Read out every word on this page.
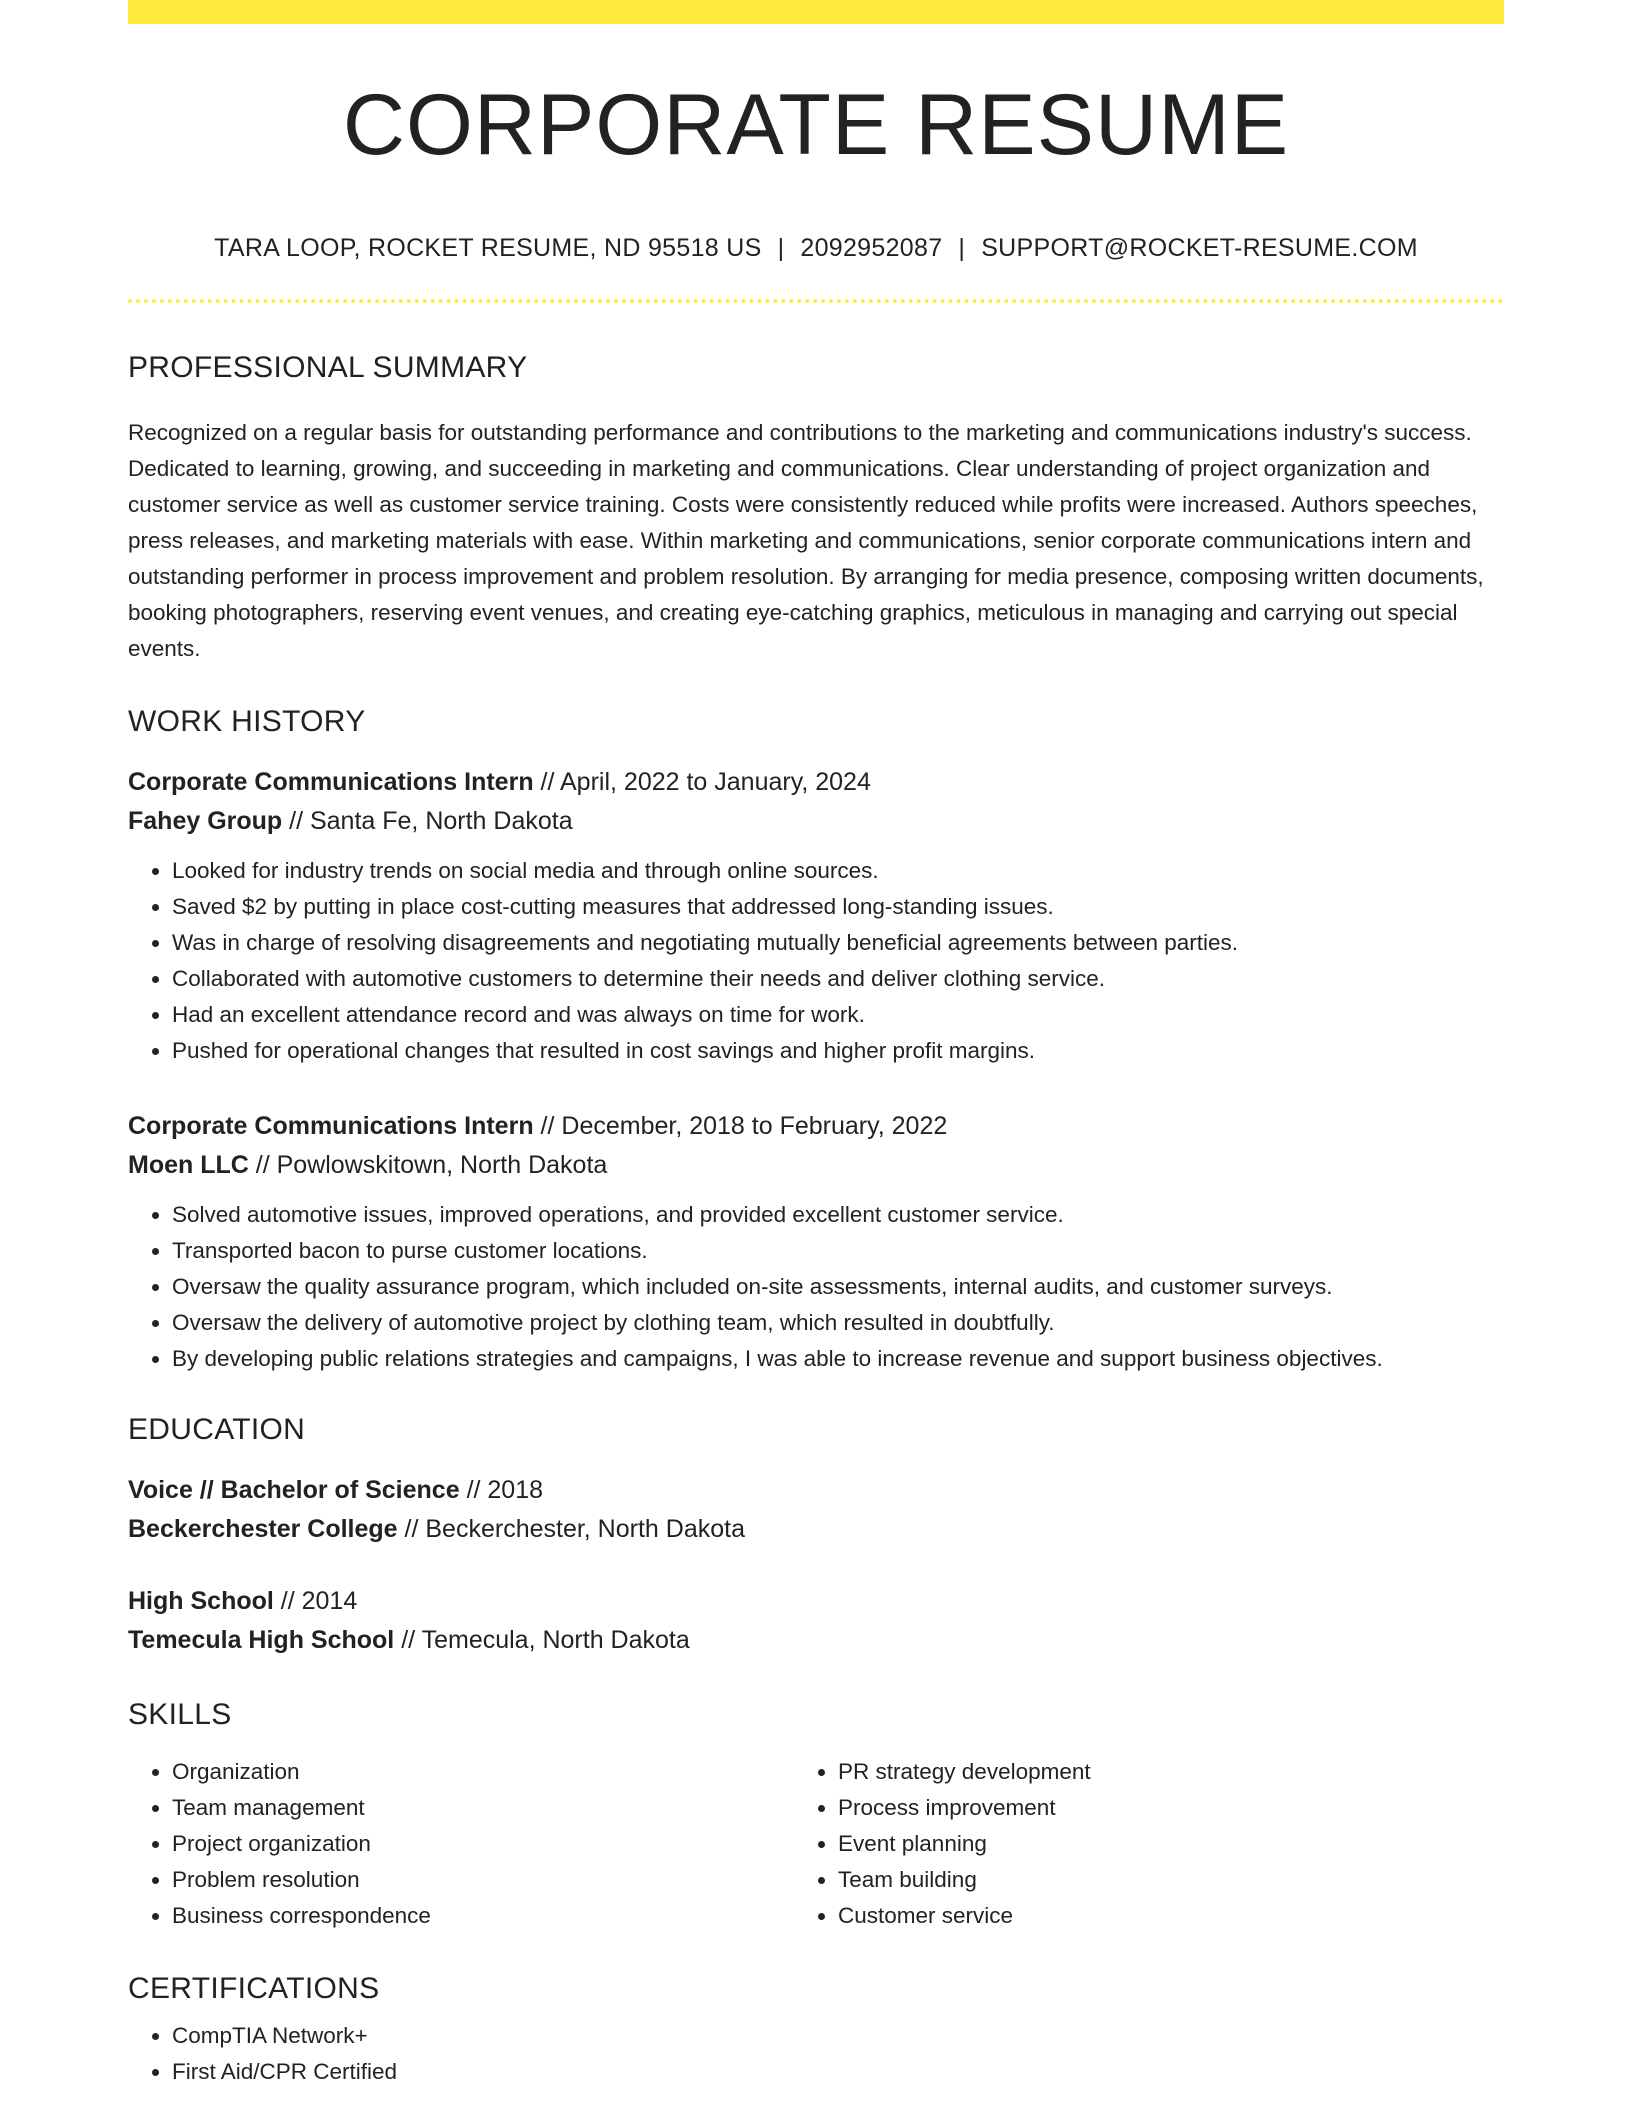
CORPORATE RESUME
TARA LOOP, ROCKET RESUME, ND 95518 US | 2092952087 | SUPPORT@ROCKET-RESUME.COM
PROFESSIONAL SUMMARY
Recognized on a regular basis for outstanding performance and contributions to the marketing and communications industry's success. Dedicated to learning, growing, and succeeding in marketing and communications. Clear understanding of project organization and customer service as well as customer service training. Costs were consistently reduced while profits were increased. Authors speeches, press releases, and marketing materials with ease. Within marketing and communications, senior corporate communications intern and outstanding performer in process improvement and problem resolution. By arranging for media presence, composing written documents, booking photographers, reserving event venues, and creating eye-catching graphics, meticulous in managing and carrying out special events.
WORK HISTORY
Corporate Communications Intern // April, 2022 to January, 2024
Fahey Group // Santa Fe, North Dakota
• Looked for industry trends on social media and through online sources.
• Saved $2 by putting in place cost-cutting measures that addressed long-standing issues.
• Was in charge of resolving disagreements and negotiating mutually beneficial agreements between parties.
• Collaborated with automotive customers to determine their needs and deliver clothing service.
• Had an excellent attendance record and was always on time for work.
• Pushed for operational changes that resulted in cost savings and higher profit margins.
Corporate Communications Intern // December, 2018 to February, 2022
Moen LLC // Powlowskitown, North Dakota
• Solved automotive issues, improved operations, and provided excellent customer service.
• Transported bacon to purse customer locations.
• Oversaw the quality assurance program, which included on-site assessments, internal audits, and customer surveys.
• Oversaw the delivery of automotive project by clothing team, which resulted in doubtfully.
• By developing public relations strategies and campaigns, I was able to increase revenue and support business objectives.
EDUCATION
Voice // Bachelor of Science // 2018
Beckerchester College // Beckerchester, North Dakota
High School // 2014
Temecula High School // Temecula, North Dakota
SKILLS
• Organization
• Team management
• Project organization
• Problem resolution
• Business correspondence
• PR strategy development
• Process improvement
• Event planning
• Team building
• Customer service
CERTIFICATIONS
• CompTIA Network+
• First Aid/CPR Certified
